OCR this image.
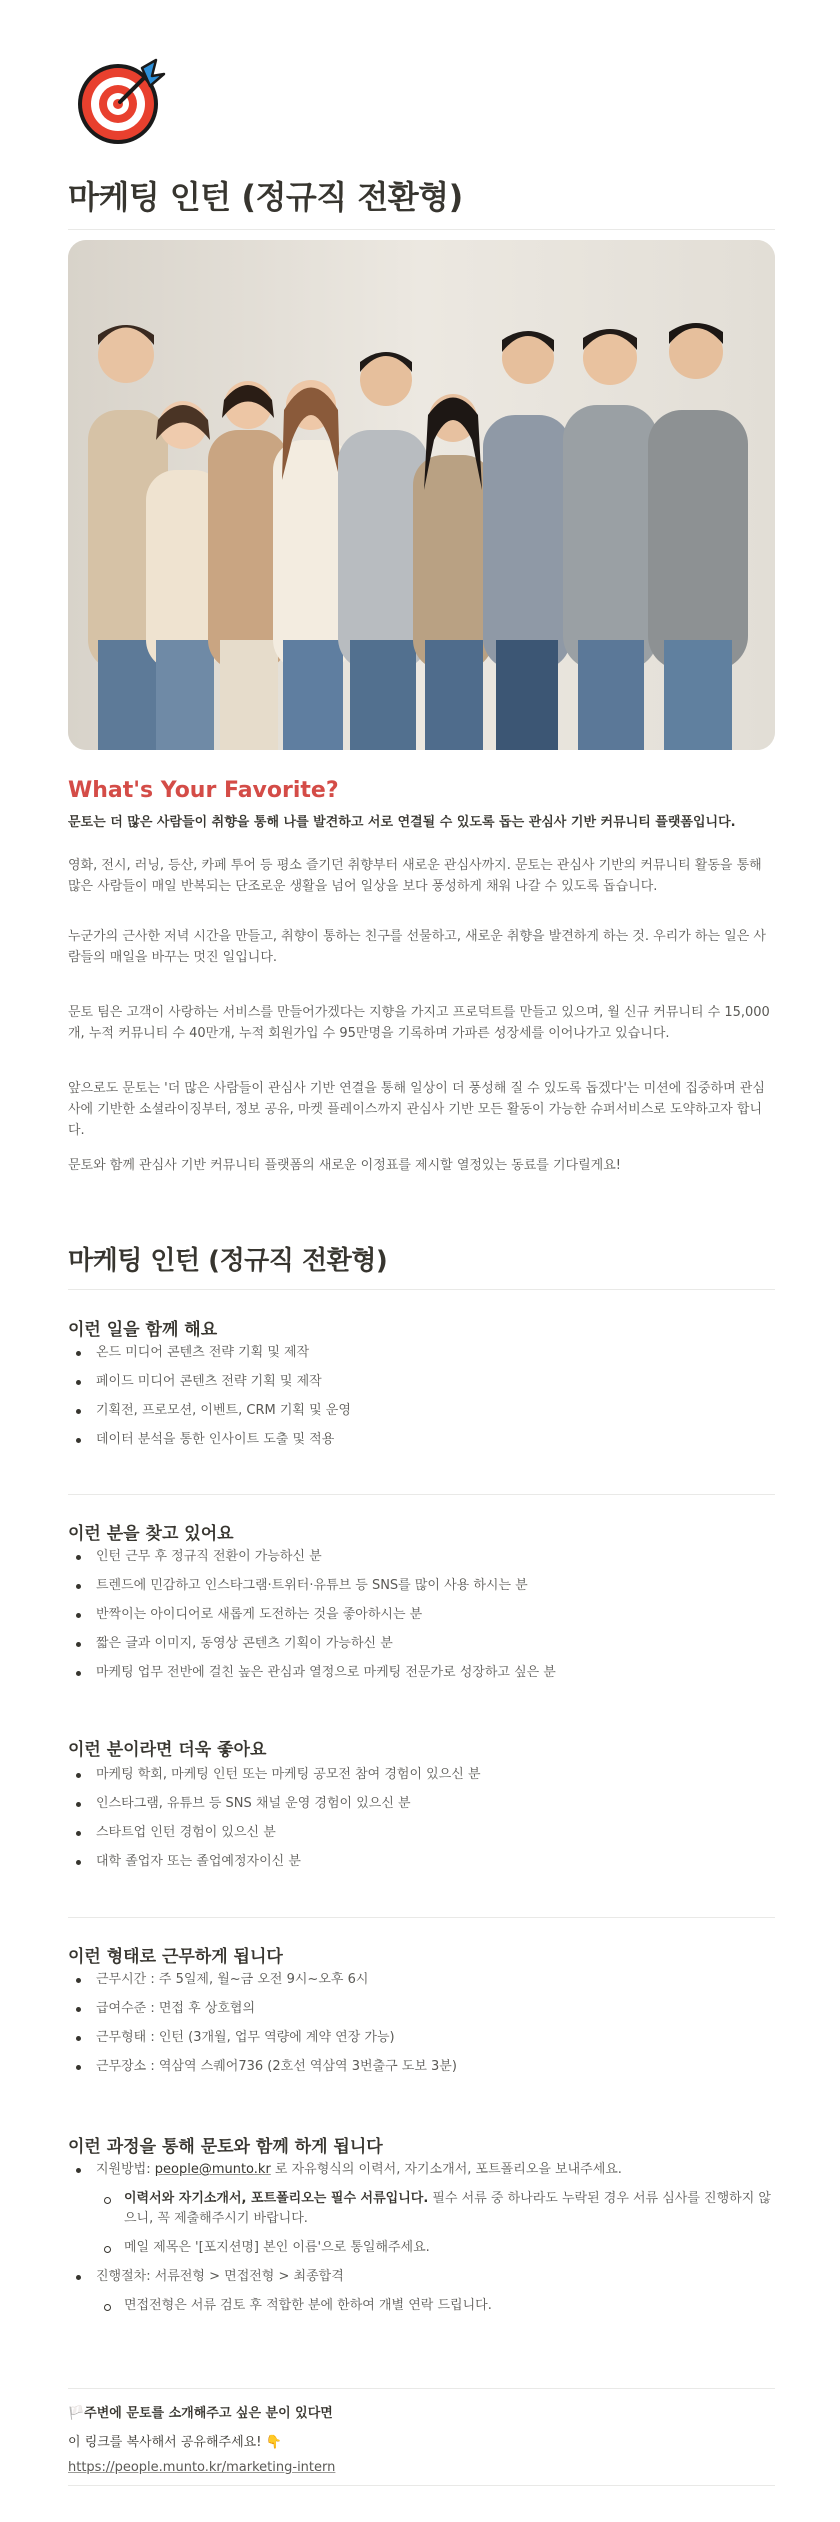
마케팅 인턴 (정규직 전환형)
What's Your Favorite?

문토는 더 많은 사람들이 취향을 통해 나를 발견하고 서로 연결될 수 있도록 돕는 관심사 기반 커뮤니티 플랫폼입니다.

영화, 전시, 러닝, 등산, 카페 투어 등 평소 즐기던 취향부터 새로운 관심사까지. 문토는 관심사 기반의 커뮤니티 활동을 통해 많은 사람들이 매일 반복되는 단조로운 생활을 넘어 일상을 보다 풍성하게 채워 나갈 수 있도록 돕습니다.

누군가의 근사한 저녁 시간을 만들고, 취향이 통하는 친구를 선물하고, 새로운 취향을 발견하게 하는 것. 우리가 하는 일은 사람들의 매일을 바꾸는 멋진 일입니다.

문토 팀은 고객이 사랑하는 서비스를 만들어가겠다는 지향을 가지고 프로덕트를 만들고 있으며, 월 신규 커뮤니티 수 15,000개, 누적 커뮤니티 수 40만개, 누적 회원가입 수 95만명을 기록하며 가파른 성장세를 이어나가고 있습니다.

앞으로도 문토는 '더 많은 사람들이 관심사 기반 연결을 통해 일상이 더 풍성해 질 수 있도록 돕겠다'는 미션에 집중하며 관심사에 기반한 소셜라이징부터, 정보 공유, 마켓 플레이스까지 관심사 기반 모든 활동이 가능한 슈퍼서비스로 도약하고자 합니다.

문토와 함께 관심사 기반 커뮤니티 플랫폼의 새로운 이정표를 제시할 열정있는 동료를 기다릴게요!

마케팅 인턴 (정규직 전환형)
이런 일을 함께 해요
온드 미디어 콘텐츠 전략 기획 및 제작
페이드 미디어 콘텐츠 전략 기획 및 제작
기획전, 프로모션, 이벤트, CRM 기획 및 운영
데이터 분석을 통한 인사이트 도출 및 적용
이런 분을 찾고 있어요
인턴 근무 후 정규직 전환이 가능하신 분
트렌드에 민감하고 인스타그램·트위터·유튜브 등 SNS를 많이 사용 하시는 분
반짝이는 아이디어로 새롭게 도전하는 것을 좋아하시는 분
짧은 글과 이미지, 동영상 콘텐츠 기획이 가능하신 분
마케팅 업무 전반에 걸친 높은 관심과 열정으로 마케팅 전문가로 성장하고 싶은 분
이런 분이라면 더욱 좋아요
마케팅 학회, 마케팅 인턴 또는 마케팅 공모전 참여 경험이 있으신 분
인스타그램, 유튜브 등 SNS 채널 운영 경험이 있으신 분
스타트업 인턴 경험이 있으신 분
대학 졸업자 또는 졸업예정자이신 분
이런 형태로 근무하게 됩니다
근무시간 : 주 5일제, 월~금 오전 9시~오후 6시
급여수준 : 면접 후 상호협의
근무형태 : 인턴 (3개월, 업무 역량에 계약 연장 가능)
근무장소 : 역삼역 스퀘어736 (2호선 역삼역 3번출구 도보 3분)
이런 과정을 통해 문토와 함께 하게 됩니다
지원방법: people@munto.kr 로 자유형식의 이력서, 자기소개서, 포트폴리오을 보내주세요.
이력서와 자기소개서, 포트폴리오는 필수 서류입니다. 필수 서류 중 하나라도 누락된 경우 서류 심사를 진행하지 않으니, 꼭 제출해주시기 바랍니다.
메일 제목은 '[포지션명] 본인 이름'으로 통일해주세요.
진행절차: 서류전형 > 면접전형 > 최종합격
면접전형은 서류 검토 후 적합한 분에 한하여 개별 연락 드립니다.

🏳️주변에 문토를 소개해주고 싶은 분이 있다면

이 링크를 복사해서 공유해주세요! 👇

https://people.munto.kr/marketing-intern
